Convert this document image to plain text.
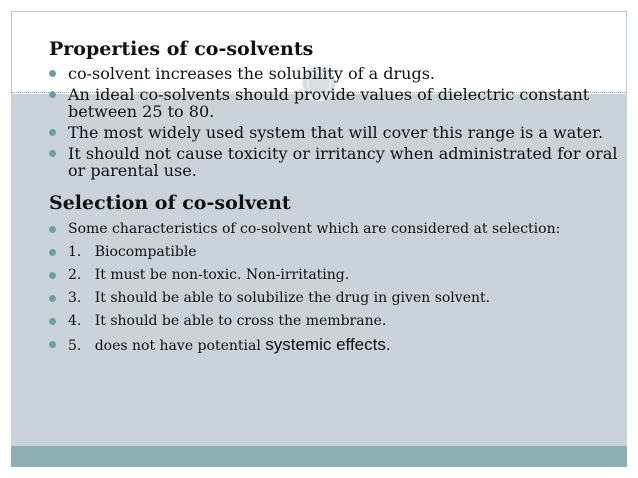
Properties of co-solvents
co-solvent increases the solubility of a drugs.
An ideal co-solvents should provide values of dielectric constant between 25 to 80.
The most widely used system that will cover this range is a water.
It should not cause toxicity or irritancy when administrated for oral or parental use.
Selection of co-solvent
Some characteristics of co-solvent which are considered at selection:
1.   Biocompatible
2.   It must be non-toxic. Non-irritating.
3.   It should be able to solubilize the drug in given solvent.
4.   It should be able to cross the membrane.
5.   does not have potential systemic effects.
